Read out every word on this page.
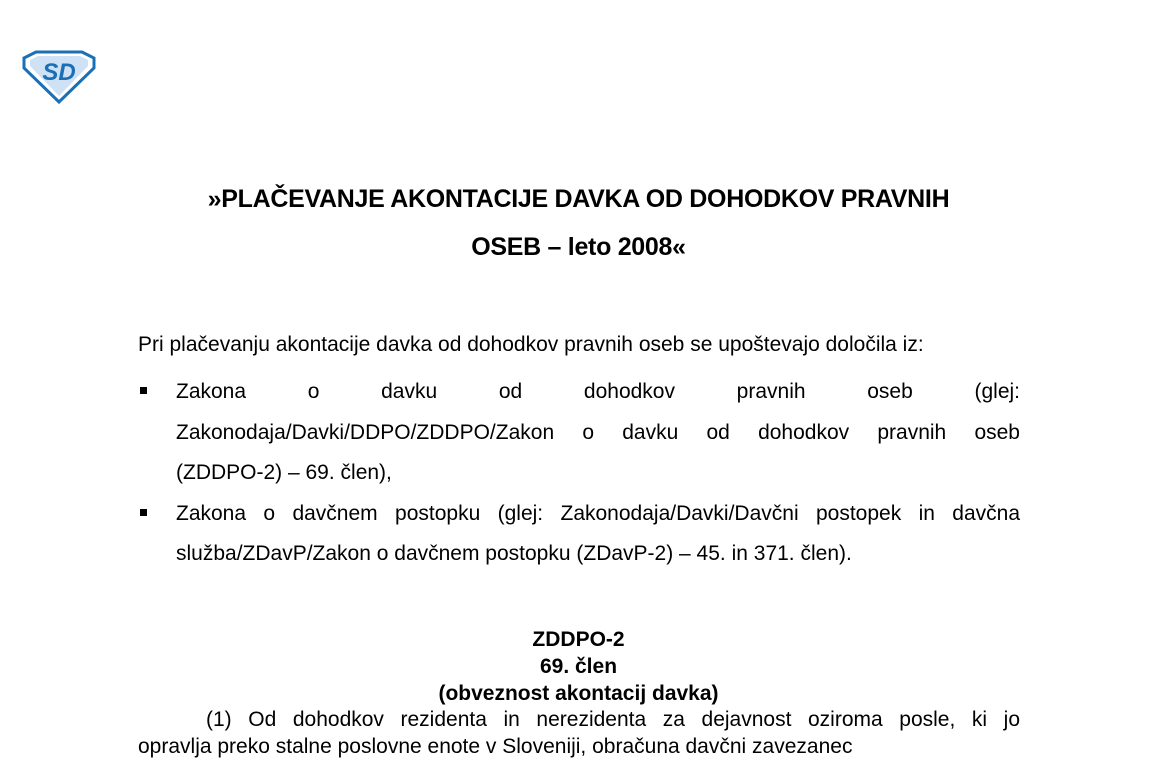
SD
»PLAČEVANJE AKONTACIJE DAVKA OD DOHODKOV PRAVNIH
OSEB – leto 2008«
Pri plačevanju akontacije davka od dohodkov pravnih oseb se upoštevajo določila iz:
Zakona o davku od dohodkov pravnih oseb (glej:
Zakonodaja/Davki/DDPO/ZDDPO/Zakon o davku od dohodkov pravnih oseb
(ZDDPO-2) – 69. člen),
Zakona o davčnem postopku (glej: Zakonodaja/Davki/Davčni postopek in davčna
služba/ZDavP/Zakon o davčnem postopku (ZDavP-2) – 45. in 371. člen).
ZDDPO-2
69. člen
(obveznost akontacij davka)
(1) Od dohodkov rezidenta in nerezidenta za dejavnost oziroma posle, ki jo
opravlja preko stalne poslovne enote v Sloveniji, obračuna davčni zavezanec
